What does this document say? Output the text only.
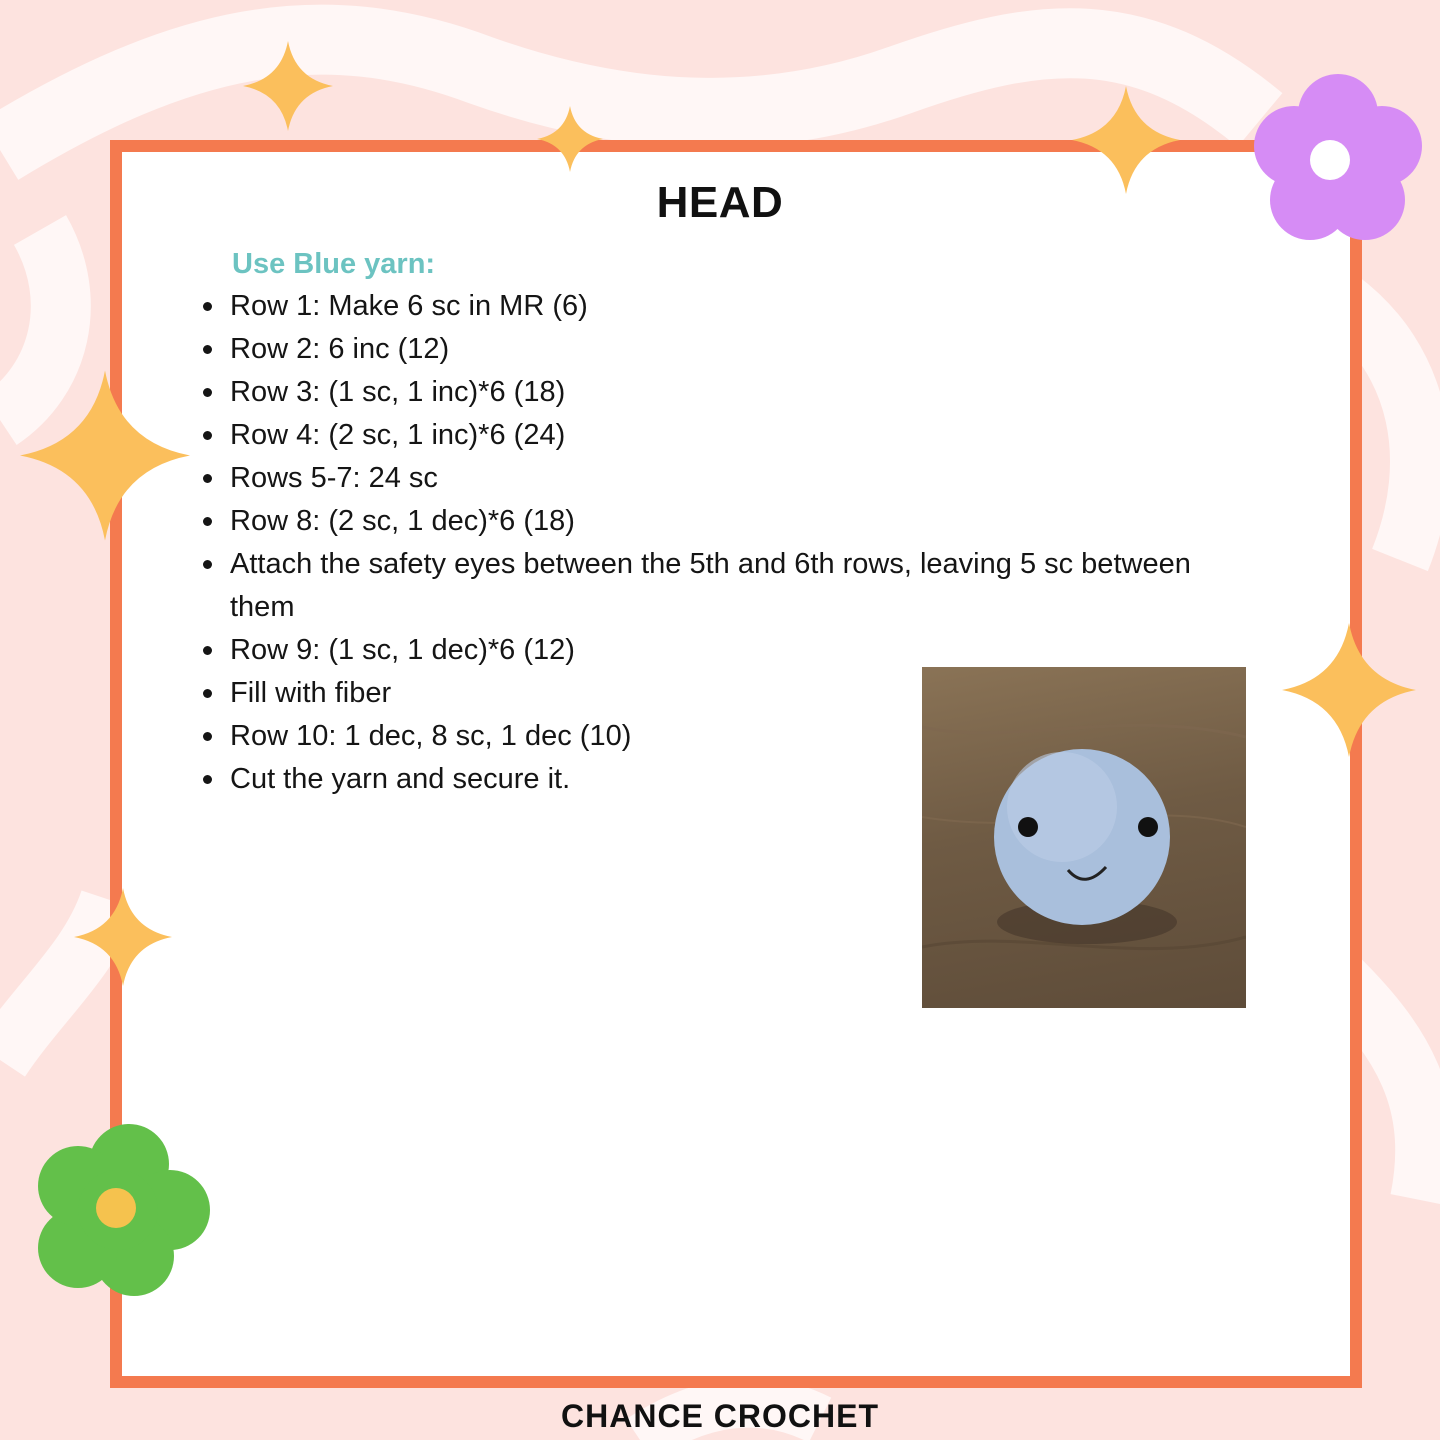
HEAD
Use Blue yarn:
Row 1: Make 6 sc in MR (6)
Row 2: 6 inc (12)
Row 3: (1 sc, 1 inc)*6 (18)
Row 4: (2 sc, 1 inc)*6 (24)
Rows 5-7: 24 sc
Row 8: (2 sc, 1 dec)*6 (18)
Attach the safety eyes between the 5th and 6th rows, leaving 5 sc between them
Row 9: (1 sc, 1 dec)*6 (12)
Fill with fiber
Row 10: 1 dec, 8 sc, 1 dec (10)
Cut the yarn and secure it.
CHANCE CROCHET
